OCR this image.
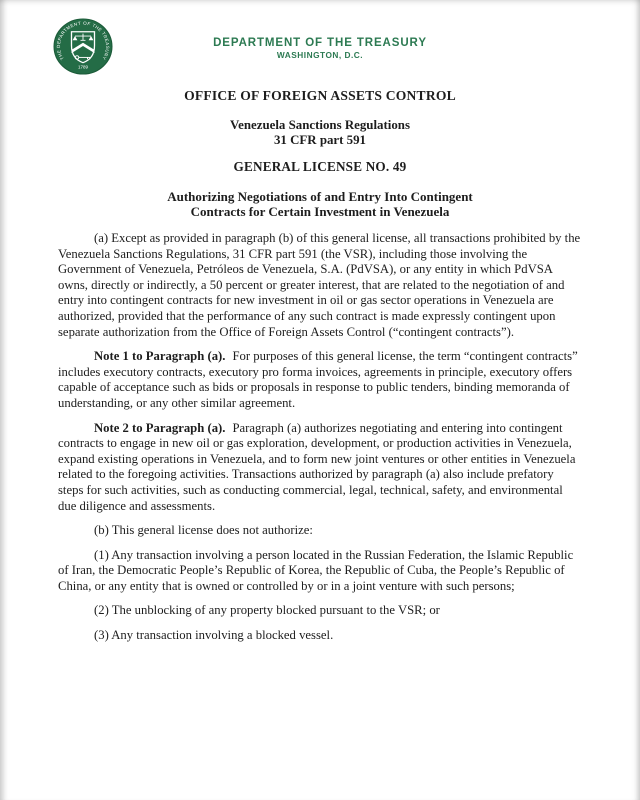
THE DEPARTMENT OF THE TREASURY
1789
DEPARTMENT OF THE TREASURY
WASHINGTON, D.C.
OFFICE OF FOREIGN ASSETS CONTROL
Venezuela Sanctions Regulations
31 CFR part 591
GENERAL LICENSE NO. 49
Authorizing Negotiations of and Entry Into Contingent
Contracts for Certain Investment in Venezuela

(a) Except as provided in paragraph (b) of this general license, all transactions prohibited by the Venezuela Sanctions Regulations, 31 CFR part 591 (the VSR), including those involving the Government of Venezuela, Petróleos de Venezuela, S.A. (PdVSA), or any entity in which PdVSA owns, directly or indirectly, a 50 percent or greater interest, that are related to the negotiation of and entry into contingent contracts for new investment in oil or gas sector operations in Venezuela are authorized, provided that the performance of any such contract is made expressly contingent upon separate authorization from the Office of Foreign Assets Control (“contingent contracts”).

Note 1 to Paragraph (a). For purposes of this general license, the term “contingent contracts” includes executory contracts, executory pro forma invoices, agreements in principle, executory offers capable of acceptance such as bids or proposals in response to public tenders, binding memoranda of understanding, or any other similar agreement.

Note 2 to Paragraph (a). Paragraph (a) authorizes negotiating and entering into contingent contracts to engage in new oil or gas exploration, development, or production activities in Venezuela, expand existing operations in Venezuela, and to form new joint ventures or other entities in Venezuela related to the foregoing activities. Transactions authorized by paragraph (a) also include prefatory steps for such activities, such as conducting commercial, legal, technical, safety, and environmental due diligence and assessments.

(b) This general license does not authorize:

(1) Any transaction involving a person located in the Russian Federation, the Islamic Republic of Iran, the Democratic People’s Republic of Korea, the Republic of Cuba, the People’s Republic of China, or any entity that is owned or controlled by or in a joint venture with such persons;

(2) The unblocking of any property blocked pursuant to the VSR; or

(3) Any transaction involving a blocked vessel.
